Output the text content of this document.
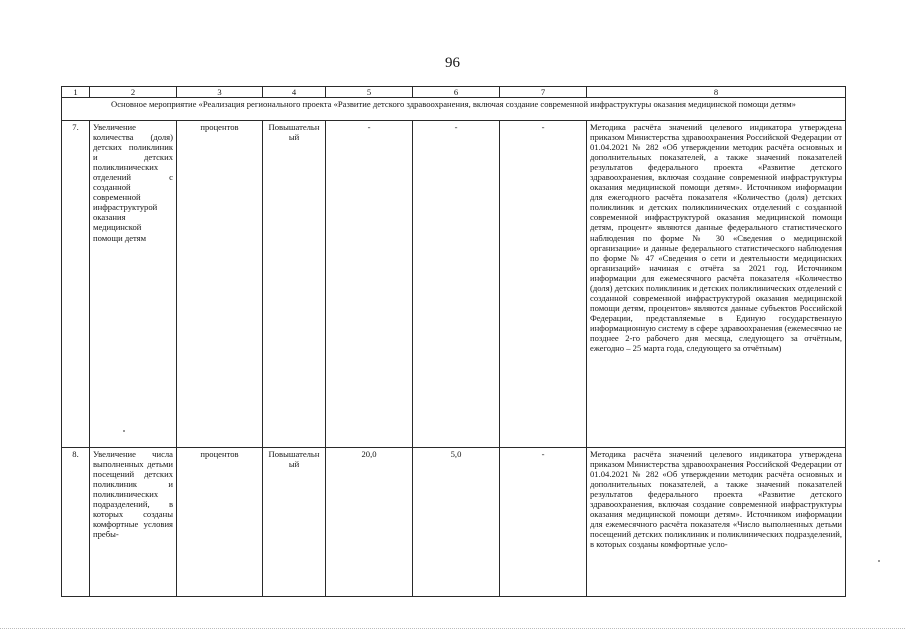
96
1	2	3	4	5	6	7	8
Основное мероприятие «Реализация регионального проекта «Развитие детского здравоохранения, включая создание современной инфраструктуры оказания медицинской помощи детям»							
7.	Увеличение количества (доля) детских поликлиник и детских поликлинических отделений с созданной современной инфраструктурой оказания медицинской помощи детям	процентов	Повышательный	-	-	-	Методика расчёта значений целевого индикатора утверждена приказом Министерства здравоохранения Российской Федерации от 01.04.2021 № 282 «Об утверждении методик расчёта основных и дополнительных показателей, а также значений показателей результатов федерального проекта «Развитие детского здравоохранения, включая создание современной инфраструктуры оказания медицинской помощи детям». Источником информации для ежегодного расчёта показателя «Количество (доля) детских поликлиник и детских поликлинических отделений с созданной современной инфраструктурой оказания медицинской помощи детям, процент» являются данные федерального статистического наблюдения по форме № 30 «Сведения о медицинской организации» и данные федерального статистического наблюдения по форме № 47 «Сведения о сети и деятельности медицинских организаций» начиная с отчёта за 2021 год. Источником информации для ежемесячного расчёта показателя «Количество (доля) детских поликлиник и детских поликлинических отделений с созданной современной инфраструктурой оказания медицинской помощи детям, процентов» являются данные субъектов Российской Федерации, представляемые в Единую государственную информационную систему в сфере здравоохранения (ежемесячно не позднее 2-го рабочего дня месяца, следующего за отчётным, ежегодно – 25 марта года, следующего за отчётным)
8.	Увеличение числа выполненных детьми посещений детских поликлиник и поликлинических подразделений, в которых созданы комфортные условия пребы-	процентов	Повышательный	20,0	5,0	-	Методика расчёта значений целевого индикатора утверждена приказом Министерства здравоохранения Российской Федерации от 01.04.2021 № 282 «Об утверждении методик расчёта основных и дополнительных показателей, а также значений показателей результатов федерального проекта «Развитие детского здравоохранения, включая создание современной инфраструктуры оказания медицинской помощи детям». Источником информации для ежемесячного расчёта показателя «Число выполненных детьми посещений детских поликлиник и поликлинических подразделений, в которых созданы комфортные усло-
